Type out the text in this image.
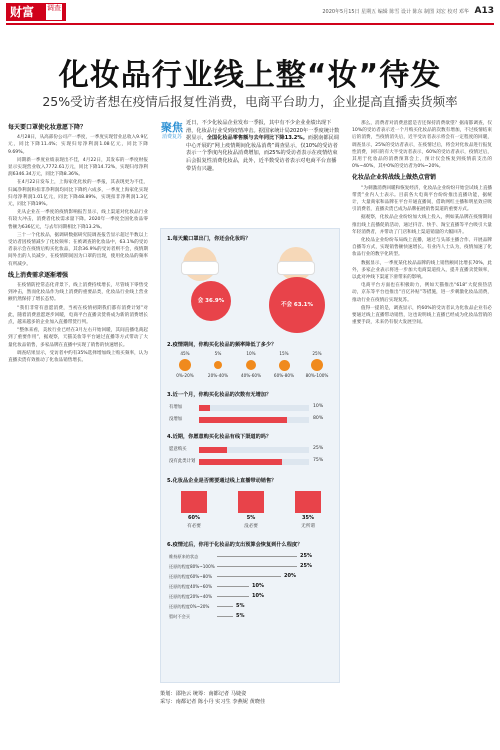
财富	调查	2020年5月15日 星期五 编辑 陈雪 设计 陈东 制图 刘宏 校对 邓华 A13
化妆品行业线上整“妆”待发
25%受访者想在疫情后报复性消费，电商平台助力，企业提高直播卖货频率
每天要口罩使化妆意愿下降？

4月28日，从高部份公司产一季度，一季度实现营业总收入9.9亿元，同比下降11.4%；实现归母净利润1.08亿元，同比下降9.69%。

同期新一季度业绩表现出不佳，4月22日，其发布的一季度财报显示实现营业收入7772.61万元，同比下降14.72%，实现归母净利润6346.34万元，同比下降8.36%。

在4月22日发布上，上海家化化妆的一季报，其表现更为不佳，归属净利润和扣非净利润均同比下降约六成多，一季度上海家化实现归母净利润1.01亿元，同比下降48.89%，实现扣非净利润1.3亿元，同比下降19%。

先从企业在一季度的疫情影响报告显示，线上渠道对化妆品行业有较大冲击，消费者化妆需求量下降。2020年一季度全国化妆品零售额为636亿元，与去年同期相比下降13.2%。

三十一个化妆品，据调研数据研究院调查报告显示超过半数以上受访者因疫情减少了化妆频率；在被调查的化妆品中，63.1%的受访者表示会在疫情后购买化妆品，其余36.9%的受访者则不会，疫情期间外出的人员减少，在疫情期间因为口罩的出现，使用化妆品的频率有所减少。

线上消费需求逐渐增强

在疫情防控常态化背景下，线上消费持续增长，尽管线下零售受到冲击，然而化妆品作为线上消费的重要品类，化妆品行业线上营业额仍然保持了增长态势。

“我们非常有意愿消费，当初在疫情初期我们都有消费计划”对此，随着消费意愿逐步回暖，电商平台直播卖货将成为新的消费增长点，越来越多的企业加入直播带货行列。

“整体来看，美妆行业已经在3月左右开始回暖，其间直播电商起到了重要作用”，据观察，天猫美妆等平台通过直播等方式带动了大量化妆品销售，多家品牌在直播中实现了销售的快速增长。

调查结果显示，受访者中约有35%选择增加线上购买频率，认为直播卖货有效推动了化妆品销售增长。

聚焦
消费复苏
近日，不少化妆品企业发布一季报，其中有不少企业业绩出现下滑，化妆品行业受到疫情冲击。据国家统计局2020年一季度统计数据显示，全国化妆品零售额与去年同比下降13.2%。而据南都民调中心开展的“网上疫情期间化妆品消费”调查显示，仅10%的受访者表示一个季度内化妆品消费增加，而25%的受访者表示在疫情结束后会报复性消费化妆品，此外，近半数受访者表示对电商平台直播带货有兴趣。
1.每天戴口罩出门，你还会化妆吗？
会 36.9%
不会 63.1%
2.疫情期间，你购买化妆品的频率降低了多少？
45%	5%	10%	15%	25%
0%-20%	20%-40%	40%-60%	60%-80%	80%-100%
3.近一个月，你购买化妆品的次数有无增加？
有增加	10%
没增加	80%
4.近期，你愿意购买化妆品有线下渠道的吗？
愿意购买	25%
没有此类计划	75%
5.化妆品企业是否需要通过线上直播带动销售？
60%	5%	35%
有必要	没必要	无所谓
6.疫情过后，你用于化妆品的支出预算会恢复到什么程度？
维持原来的状态	25%
还原的程度80%~100%	25%
还原的程度60%~80%	20%
还原的程度40%~60%	10%
还原的程度20%~40%	10%
还原的程度0%~20%	5%
暂时不会买	5%
策划：邵艳云 统筹：南都记者 马婕姿
采写：南都记者 陈小丹 实习生 李燕妮 黄晓佳

那么，消费者对消费意愿是否还保持消费欲望？据南都调查，仅10%的受访者表示近一个月购买化妆品的次数有增加，不过疫情结束后的消费，当疫情消失后，近半受访者表示将会有一定程度的回暖，调查显示，25%的受访者表示，在疫情过后，将会对化妆品进行报复性消费，回归的有大半受访者表示，60%的受访者表示，疫情过后，其用于化妆品的消费预算会上，预计仅会恢复到疫情前支出的0%~40%，其中0%的受访者为0%~20%。

化妆品企业转战线上做热点营销

“为刺激消费回暖和恢复经济，化妆品企业纷纷开始尝试线上直播带货”业内人士表示。目前各大电商平台纷纷推出直播功能，据统计，大量商家和品牌在平台开通直播间，借助网红主播和明星效应吸引消费者，直播卖货已成为品牌拓展销售渠道的重要方式。

据观察，化妆品企业纷纷加大线上投入，例如某品牌在疫情期间推出线上直播促销活动，通过抖音、快手、淘宝直播等平台吸引大量年轻消费者，并带动了门店和线上渠道销量的大幅回升。

化妆品企业纷纷布局线上直播，通过与头部主播合作、开展品牌自播等方式，实现销售额快速增长。有业内人士认为，疫情加速了化妆品行业的数字化转型。

数据显示，一季度某化妆品品牌的线上销售额同比增长70%，此外，多家企业表示将进一步加大电商渠道投入，提升直播卖货频率，以此对冲线下渠道下滑带来的影响。

电商平台方面也在积极助力，例如天猫推出“618”大促预热活动，京东等平台也推出“百亿补贴”等措施，进一步刺激化妆品消费，推动行业在疫情后实现复苏。

值得一提的是，调查显示，约60%的受访者认为化妆品企业有必要通过线上直播带动销售，这也说明线上直播已经成为化妆品营销的重要手段，未来仍有很大发展空间。
